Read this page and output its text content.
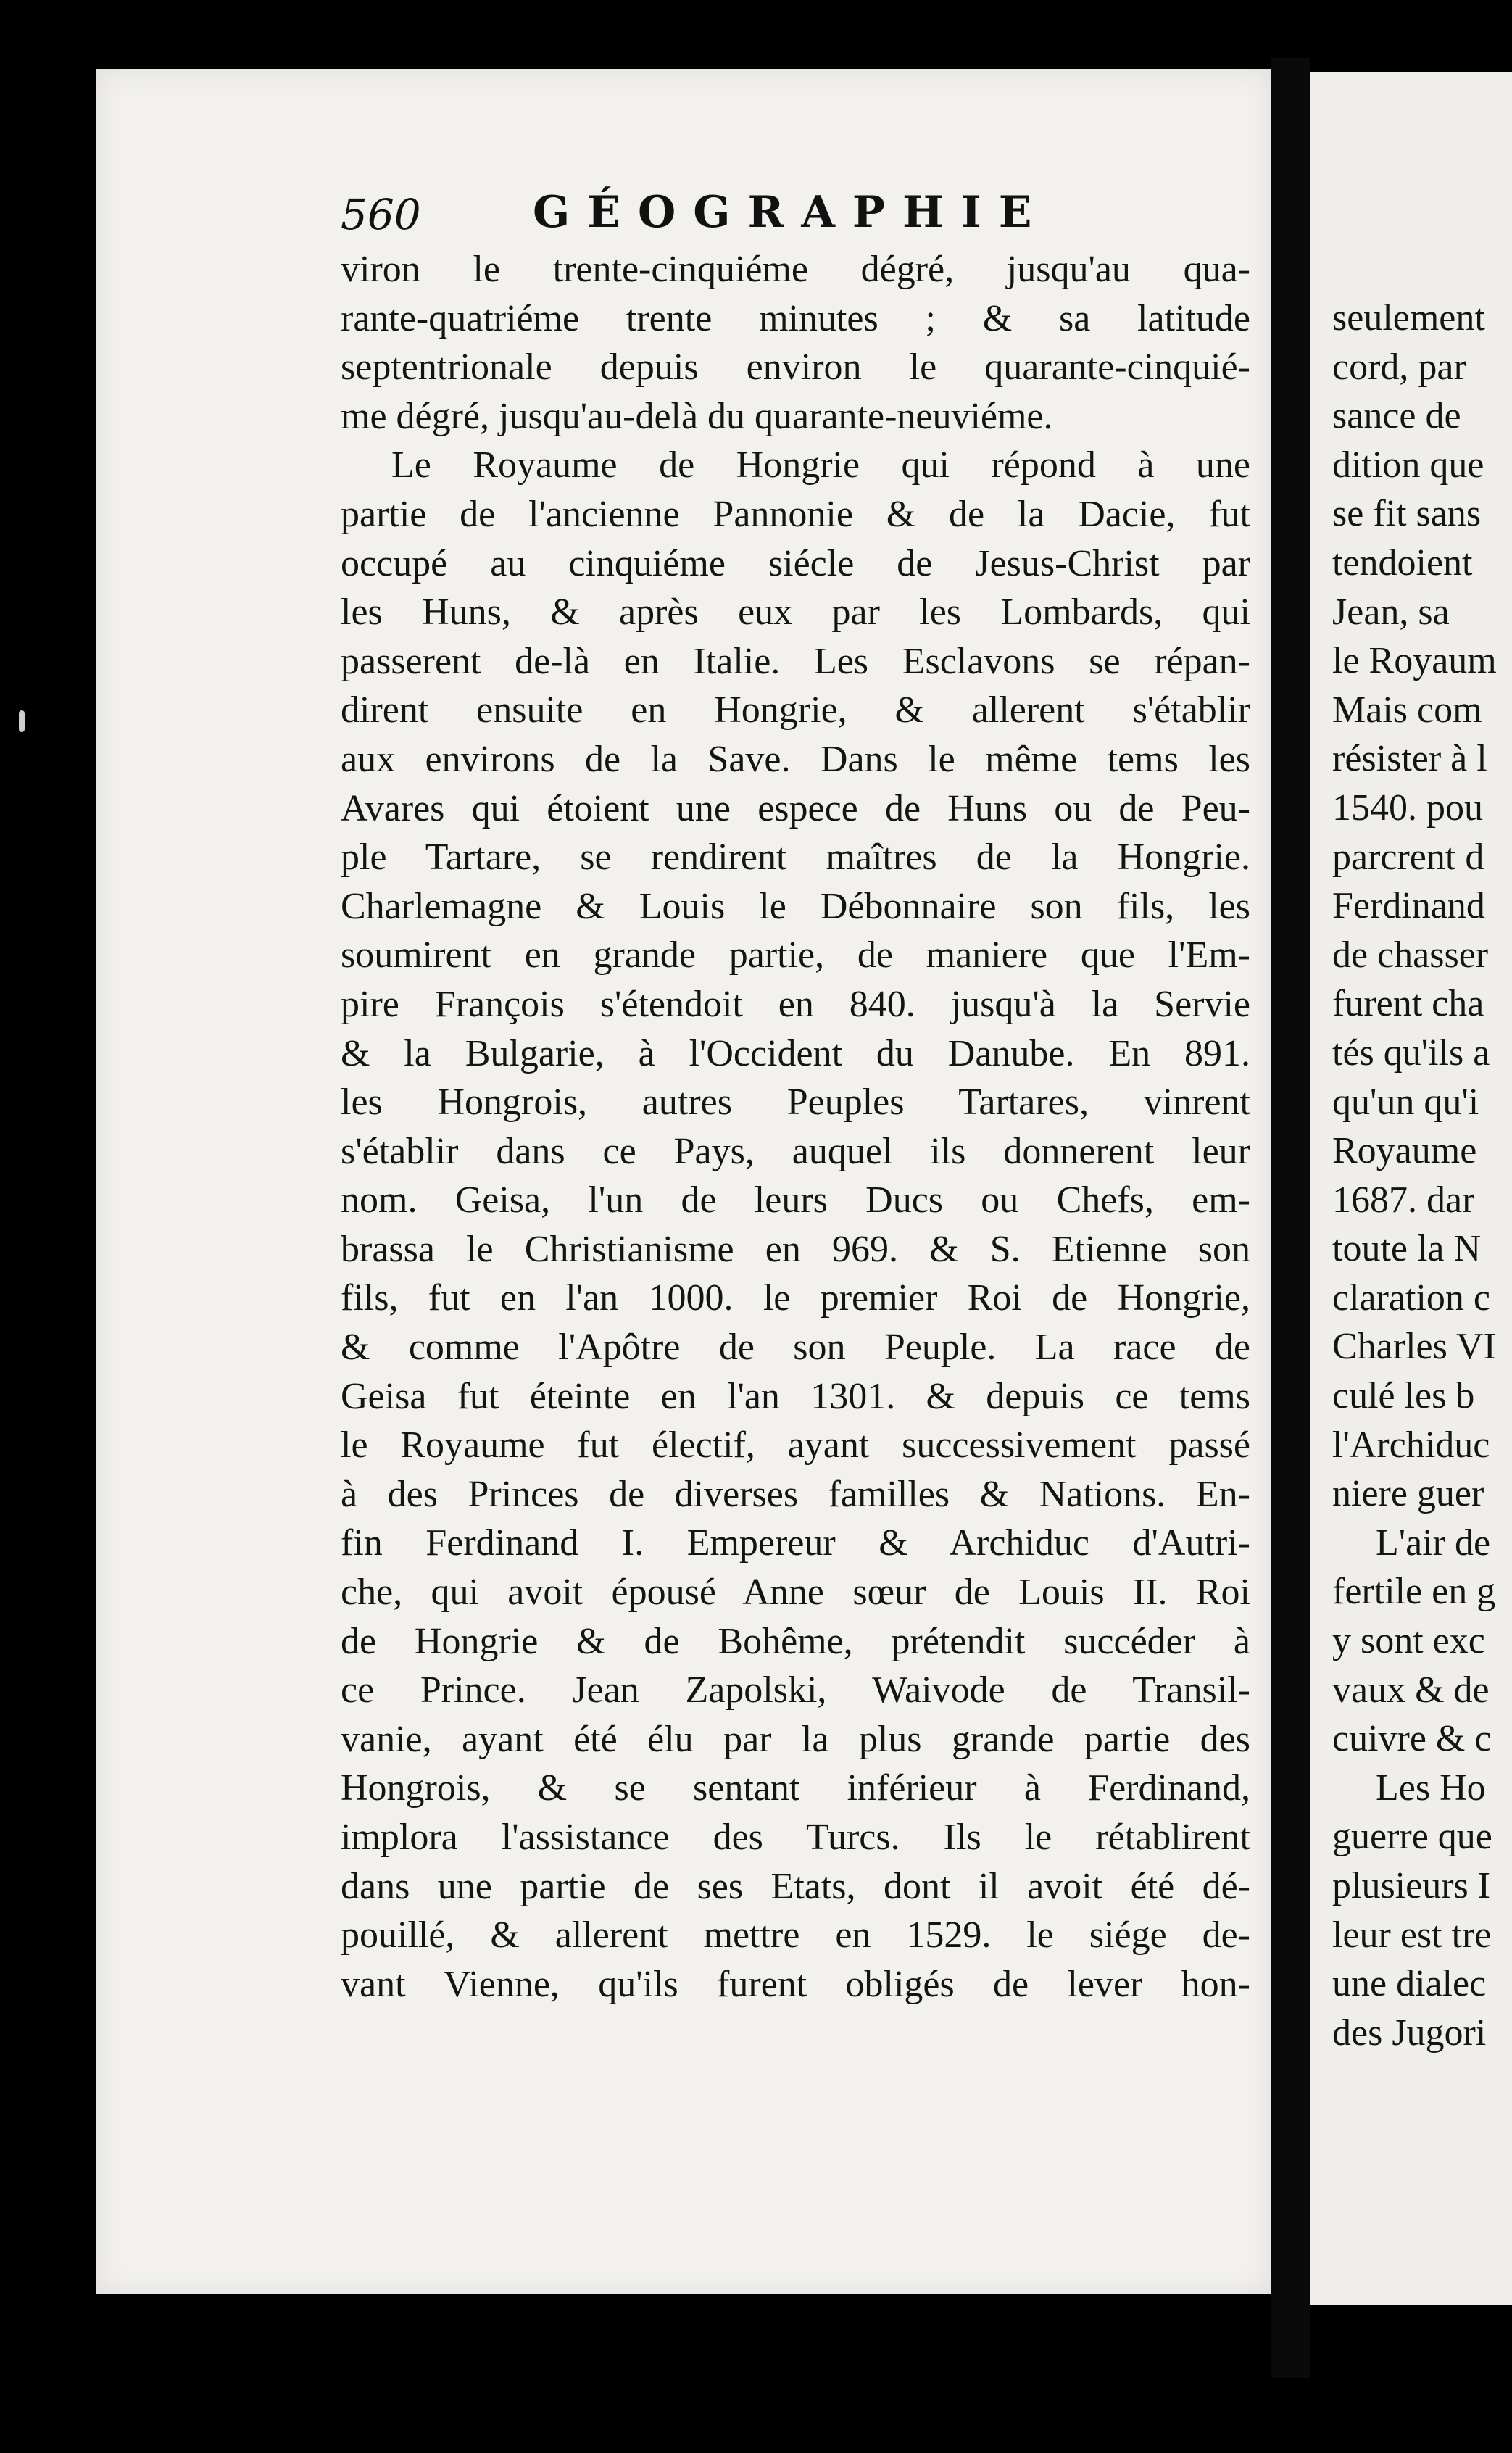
560	GÉOGRAPHIE
viron le trente-cinquiéme dégré, jusqu'au qua-
rante-quatriéme trente minutes ; & sa latitude
septentrionale depuis environ le quarante-cinquié-
me dégré, jusqu'au-delà du quarante-neuviéme.
Le Royaume de Hongrie qui répond à une
partie de l'ancienne Pannonie & de la Dacie, fut
occupé au cinquiéme siécle de Jesus-Christ par
les Huns, & après eux par les Lombards, qui
passerent de-là en Italie. Les Esclavons se répan-
dirent ensuite en Hongrie, & allerent s'établir
aux environs de la Save. Dans le même tems les
Avares qui étoient une espece de Huns ou de Peu-
ple Tartare, se rendirent maîtres de la Hongrie.
Charlemagne & Louis le Débonnaire son fils, les
soumirent en grande partie, de maniere que l'Em-
pire François s'étendoit en 840. jusqu'à la Servie
& la Bulgarie, à l'Occident du Danube. En 891.
les Hongrois, autres Peuples Tartares, vinrent
s'établir dans ce Pays, auquel ils donnerent leur
nom. Geisa, l'un de leurs Ducs ou Chefs, em-
brassa le Christianisme en 969. & S. Etienne son
fils, fut en l'an 1000. le premier Roi de Hongrie,
& comme l'Apôtre de son Peuple. La race de
Geisa fut éteinte en l'an 1301. & depuis ce tems
le Royaume fut électif, ayant successivement passé
à des Princes de diverses familles & Nations. En-
fin Ferdinand I. Empereur & Archiduc d'Autri-
che, qui avoit épousé Anne sœur de Louis II. Roi
de Hongrie & de Bohême, prétendit succéder à
ce Prince. Jean Zapolski, Waivode de Transil-
vanie, ayant été élu par la plus grande partie des
Hongrois, & se sentant inférieur à Ferdinand,
implora l'assistance des Turcs. Ils le rétablirent
dans une partie de ses Etats, dont il avoit été dé-
pouillé, & allerent mettre en 1529. le siége de-
vant Vienne, qu'ils furent obligés de lever hon-
seulement
cord, par
sance de
dition que
se fit sans
tendoient
Jean, sa
le Royaum
Mais com
résister à l
1540. pou
parcrent d
Ferdinand
de chasser
furent cha
tés qu'ils a
qu'un qu'i
Royaume
1687. dar
toute la N
claration c
Charles VI
culé les b
l'Archiduc
niere guer
L'air de
fertile en g
y sont exc
vaux & de
cuivre & c
Les Ho
guerre que
plusieurs I
leur est tre
une dialec
des Jugori
